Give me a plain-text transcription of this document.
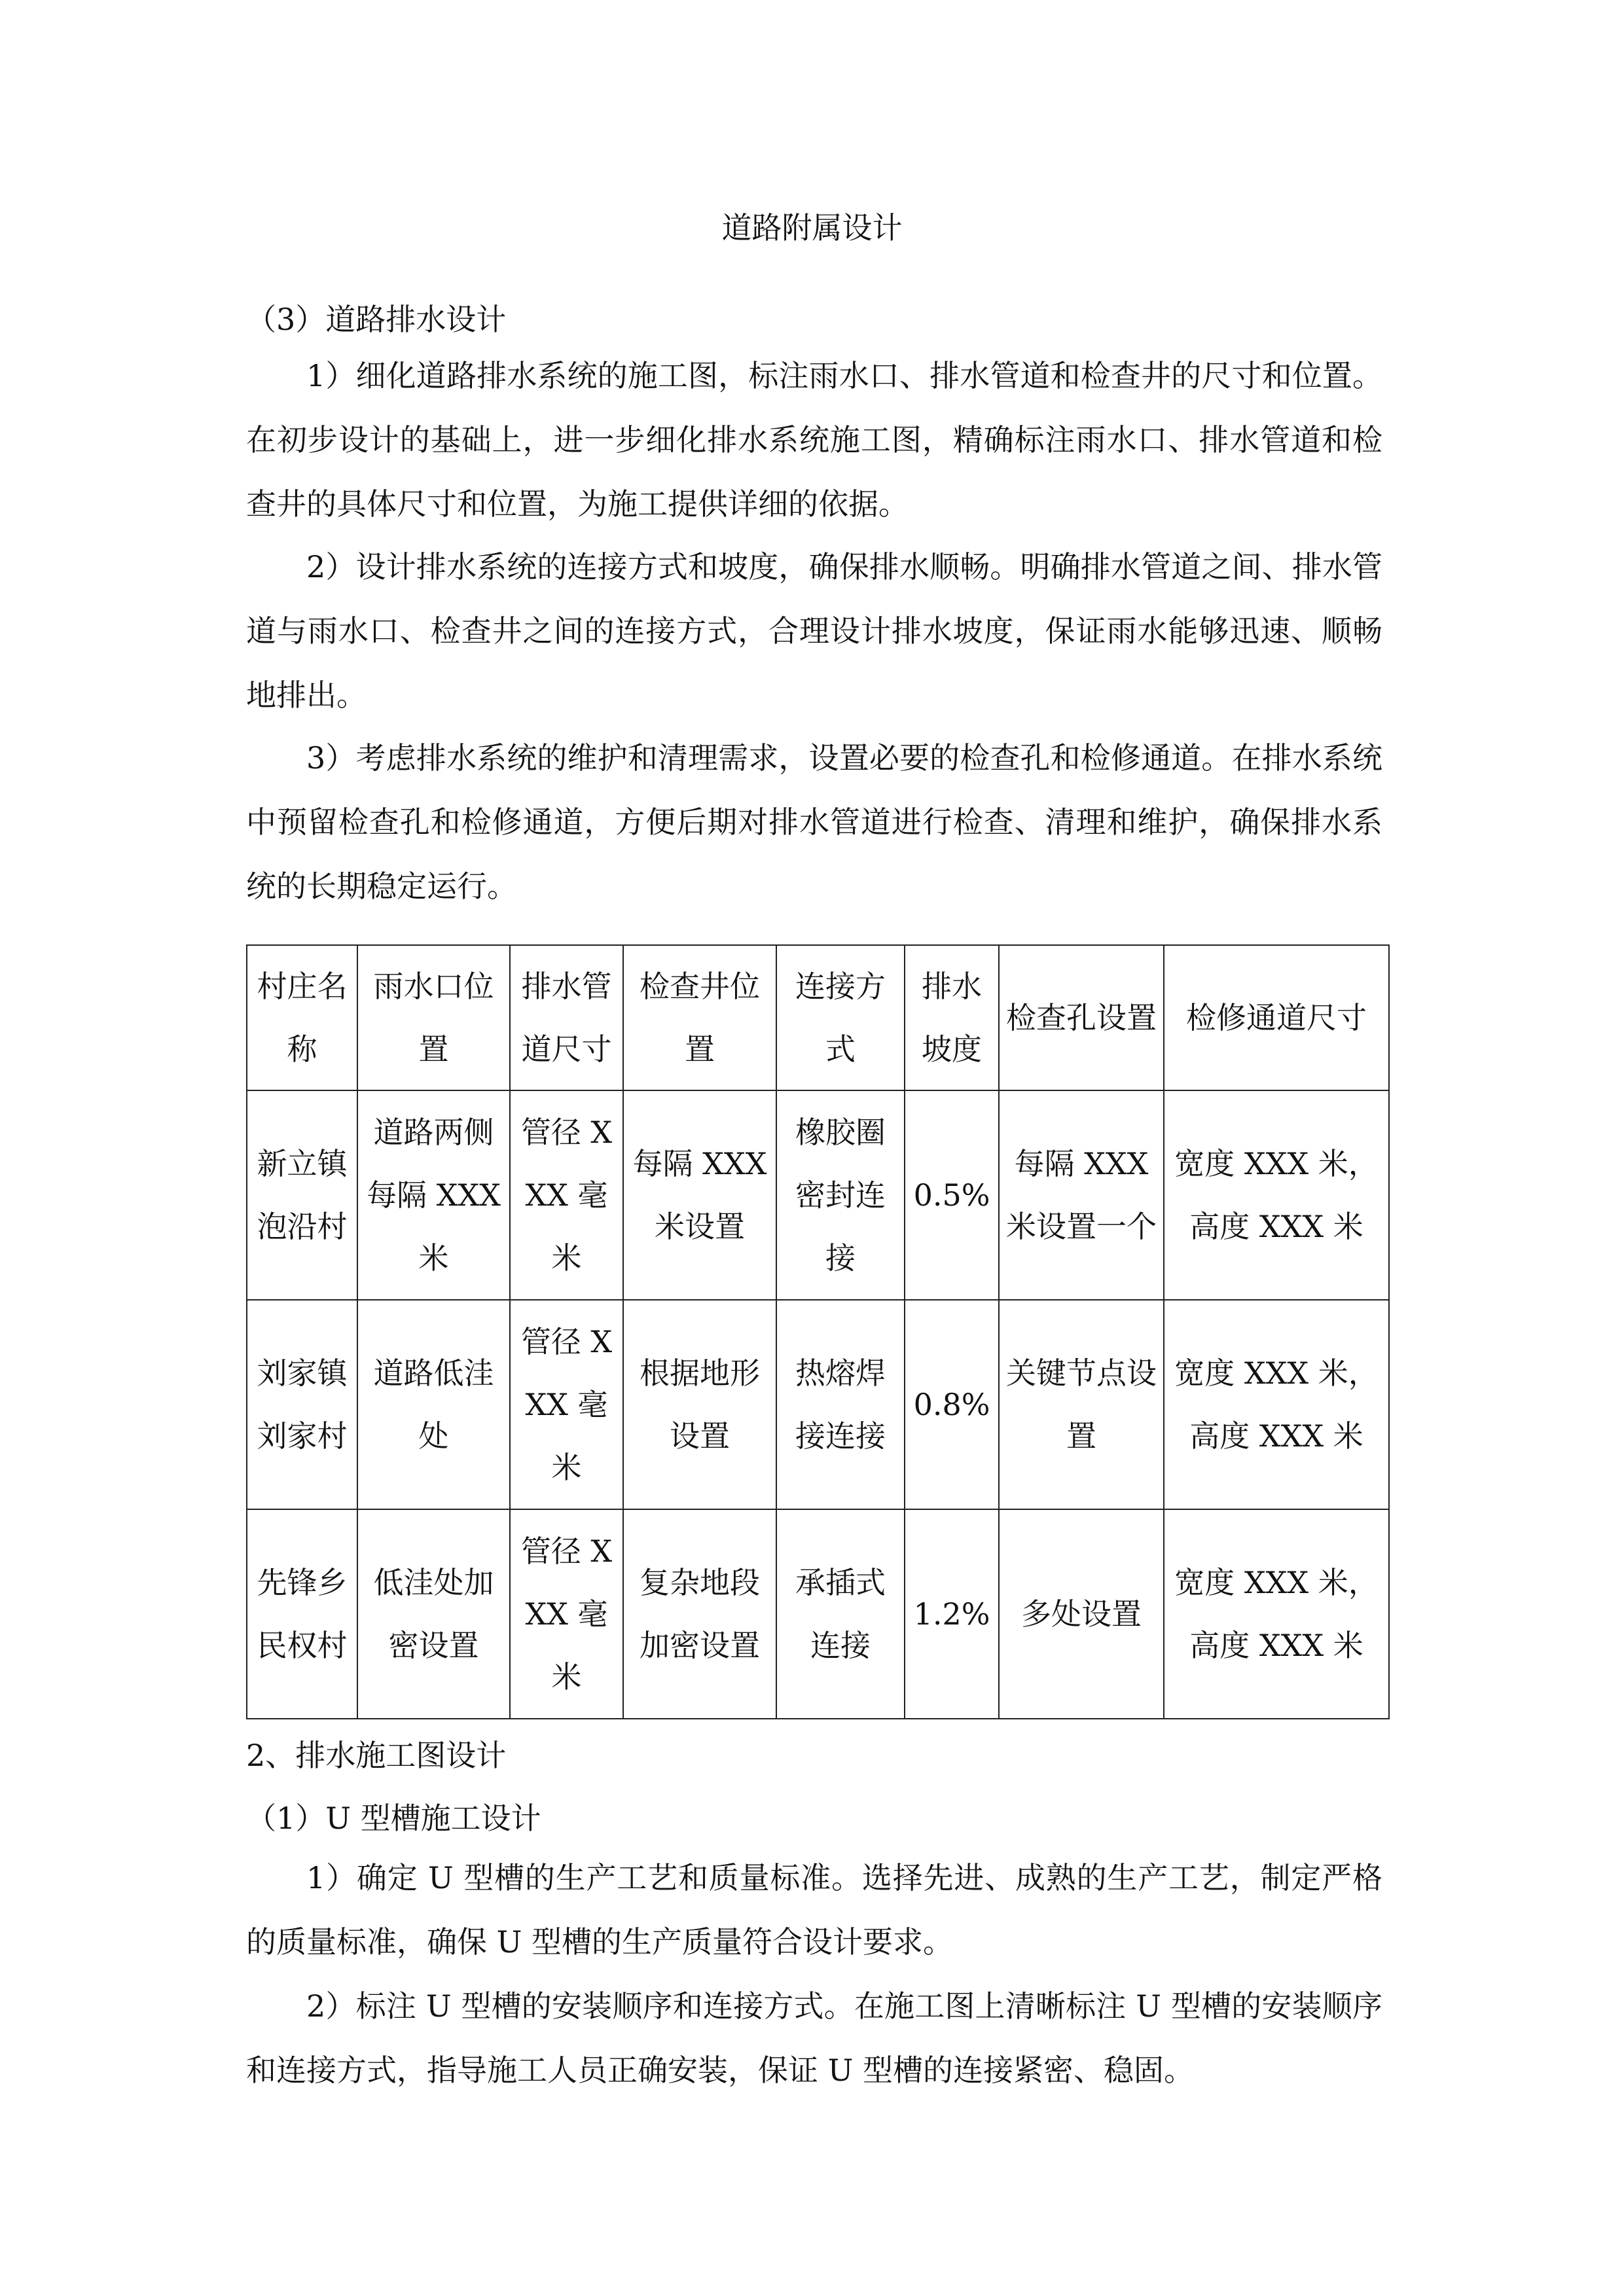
道路附属设计
（3）道路排水设计
1）细化道路排水系统的施工图，标注雨水口、排水管道和检查井的尺寸和位置。在初步设计的基础上，进一步细化排水系统施工图，精确标注雨水口、排水管道和检查井的具体尺寸和位置，为施工提供详细的依据。
2）设计排水系统的连接方式和坡度，确保排水顺畅。明确排水管道之间、排水管道与雨水口、检查井之间的连接方式，合理设计排水坡度，保证雨水能够迅速、顺畅地排出。
3）考虑排水系统的维护和清理需求，设置必要的检查孔和检修通道。在排水系统中预留检查孔和检修通道，方便后期对排水管道进行检查、清理和维护，确保排水系统的长期稳定运行。
村庄名称	雨水口位置	排水管道尺寸	检查井位置	连接方式	排水坡度	检查孔设置	检修通道尺寸
新立镇泡沿村	道路两侧每隔 XXX 米	管径 XXX 毫米	每隔 XXX 米设置	橡胶圈密封连接	0.5%	每隔 XXX 米设置一个	宽度 XXX 米，高度 XXX 米
刘家镇刘家村	道路低洼处	管径 XXX 毫米	根据地形设置	热熔焊接连接	0.8%	关键节点设置	宽度 XXX 米，高度 XXX 米
先锋乡民权村	低洼处加密设置	管径 XXX 毫米	复杂地段加密设置	承插式连接	1.2%	多处设置	宽度 XXX 米，高度 XXX 米
2、排水施工图设计
（1）U 型槽施工设计
1）确定 U 型槽的生产工艺和质量标准。选择先进、成熟的生产工艺，制定严格的质量标准，确保 U 型槽的生产质量符合设计要求。
2）标注 U 型槽的安装顺序和连接方式。在施工图上清晰标注 U 型槽的安装顺序和连接方式，指导施工人员正确安装，保证 U 型槽的连接紧密、稳固。
